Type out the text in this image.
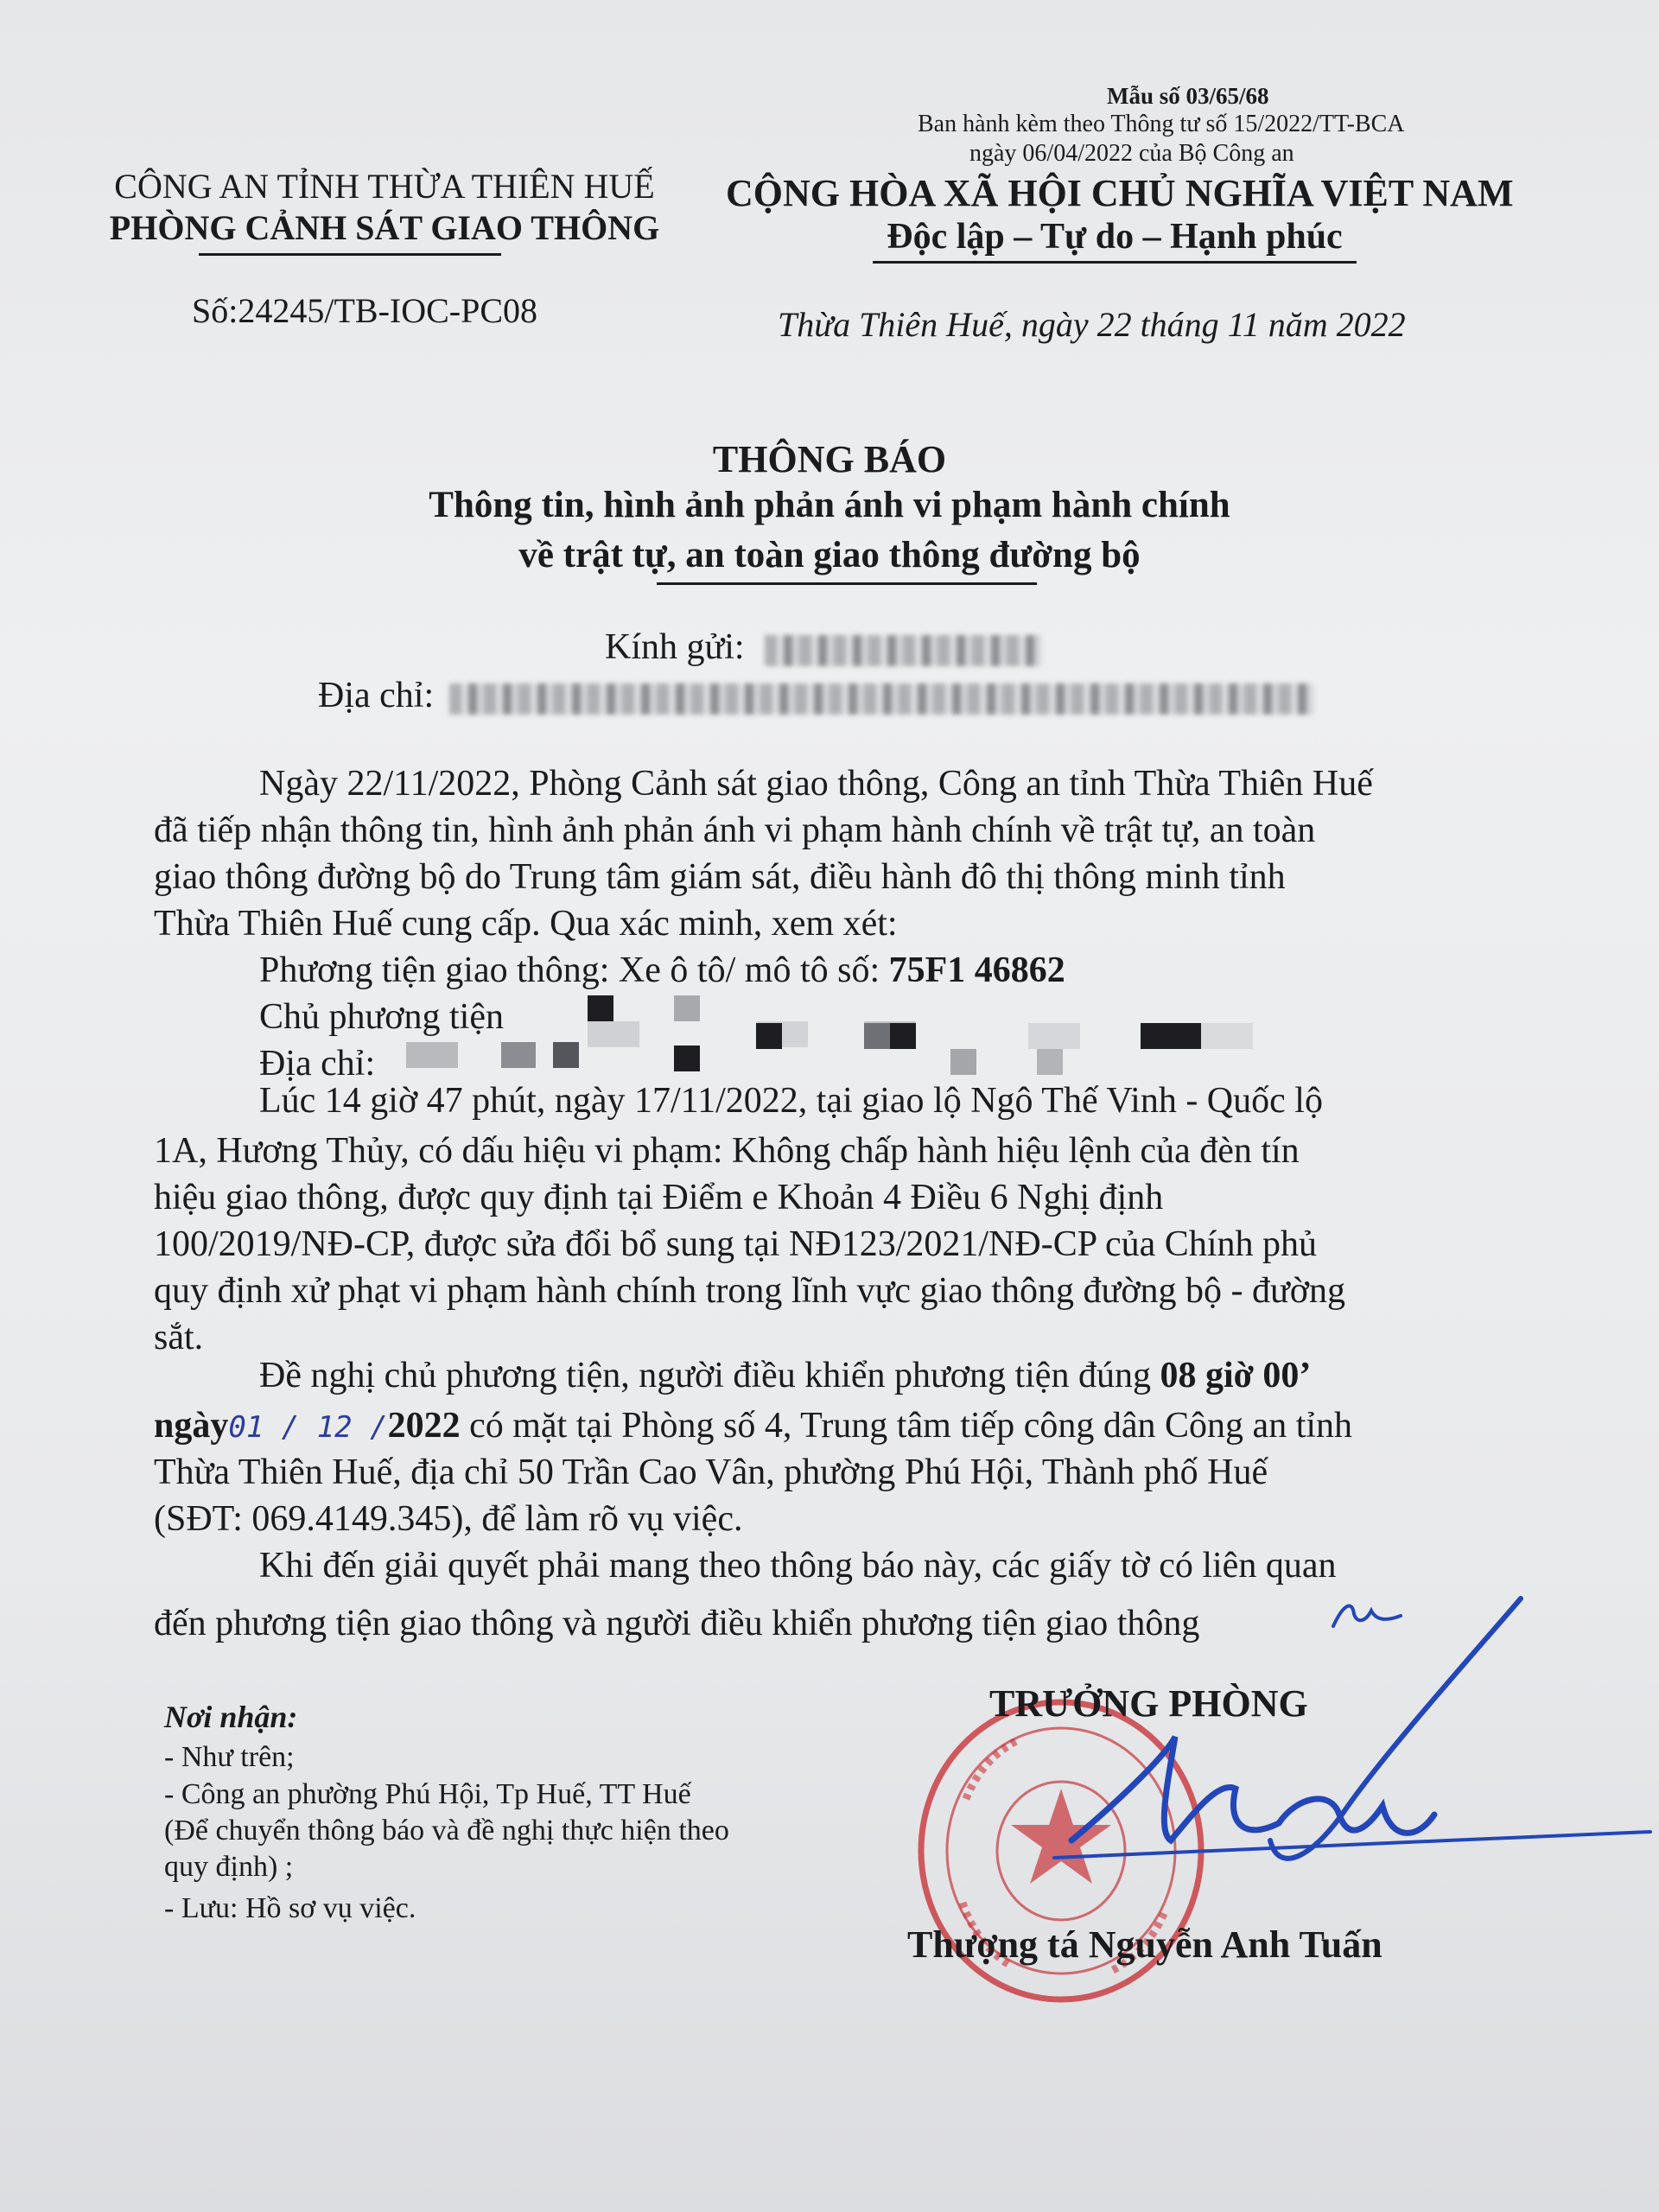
Mẫu số 03/65/68
Ban hành kèm theo Thông tư số 15/2022/TT-BCA
ngày 06/04/2022 của Bộ Công an
CÔNG AN TỈNH THỪA THIÊN HUẾ
PHÒNG CẢNH SÁT GIAO THÔNG
Số:24245/TB-IOC-PC08
CỘNG HÒA XÃ HỘI CHỦ NGHĨA VIỆT NAM
Độc lập – Tự do – Hạnh phúc
Thừa Thiên Huế, ngày 22 tháng 11 năm 2022
THÔNG BÁO
Thông tin, hình ảnh phản ánh vi phạm hành chính
về trật tự, an toàn giao thông đường bộ
Kính gửi:
Địa chỉ:
Ngày 22/11/2022, Phòng Cảnh sát giao thông, Công an tỉnh Thừa Thiên Huế
đã tiếp nhận thông tin, hình ảnh phản ánh vi phạm hành chính về trật tự, an toàn
giao thông đường bộ do Trung tâm giám sát, điều hành đô thị thông minh tỉnh
Thừa Thiên Huế cung cấp. Qua xác minh, xem xét:
Phương tiện giao thông: Xe ô tô/ mô tô số: 75F1 46862
Chủ phương tiện
Địa chỉ:
Lúc 14 giờ 47 phút, ngày 17/11/2022, tại giao lộ Ngô Thế Vinh - Quốc lộ
1A, Hương Thủy, có dấu hiệu vi phạm: Không chấp hành hiệu lệnh của đèn tín
hiệu giao thông, được quy định tại Điểm e Khoản 4 Điều 6 Nghị định
100/2019/NĐ-CP, được sửa đổi bổ sung tại NĐ123/2021/NĐ-CP của Chính phủ
quy định xử phạt vi phạm hành chính trong lĩnh vực giao thông đường bộ - đường
sắt.
Đề nghị chủ phương tiện, người điều khiển phương tiện đúng 08 giờ 00’
ngày01 / 12 /2022 có mặt tại Phòng số 4, Trung tâm tiếp công dân Công an tỉnh
Thừa Thiên Huế, địa chỉ 50 Trần Cao Vân, phường Phú Hội, Thành phố Huế
(SĐT: 069.4149.345), để làm rõ vụ việc.
Khi đến giải quyết phải mang theo thông báo này, các giấy tờ có liên quan
đến phương tiện giao thông và người điều khiển phương tiện giao thông
Nơi nhận:
- Như trên;
- Công an phường Phú Hội, Tp Huế, TT Huế
(Để chuyển thông báo và đề nghị thực hiện theo
quy định) ;
- Lưu: Hồ sơ vụ việc.
TRƯỞNG PHÒNG
Thượng tá Nguyễn Anh Tuấn
